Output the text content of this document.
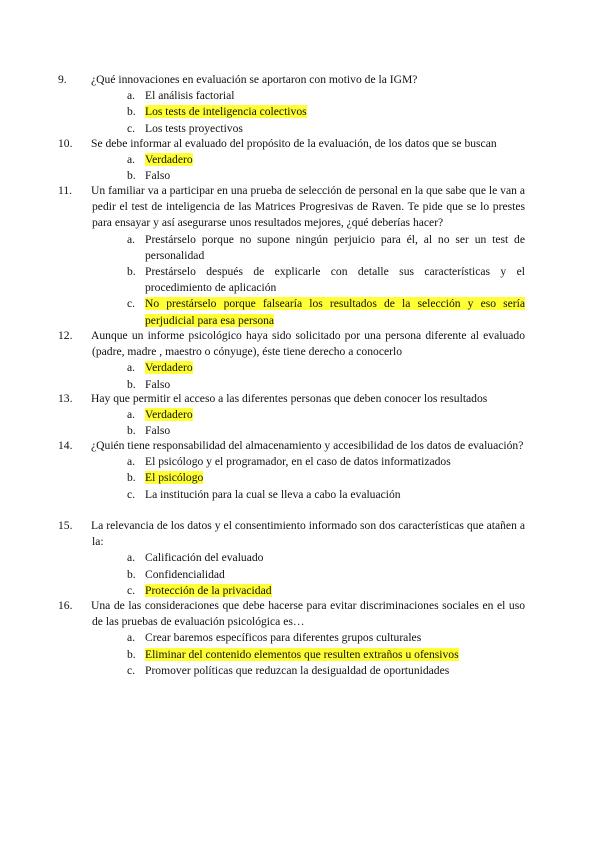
9. ¿Qué innovaciones en evaluación se aportaron con motivo de la IGM?
a. El análisis factorial
b. Los tests de inteligencia colectivos
c. Los tests proyectivos
10. Se debe informar al evaluado del propósito de la evaluación, de los datos que se buscan
a. Verdadero
b. Falso
11. Un familiar va a participar en una prueba de selección de personal en la que sabe que le van a pedir el test de inteligencia de las Matrices Progresivas de Raven. Te pide que se lo prestes para ensayar y así asegurarse unos resultados mejores, ¿qué deberías hacer?
a. Prestárselo porque no supone ningún perjuicio para él, al no ser un test de personalidad
b. Prestárselo después de explicarle con detalle sus características y el procedimiento de aplicación
c. No prestárselo porque falsearía los resultados de la selección y eso sería perjudicial para esa persona
12. Aunque un informe psicológico haya sido solicitado por una persona diferente al evaluado (padre, madre , maestro o cónyuge), éste tiene derecho a conocerlo
a. Verdadero
b. Falso
13. Hay que permitir el acceso a las diferentes personas que deben conocer los resultados
a. Verdadero
b. Falso
14. ¿Quién tiene responsabilidad del almacenamiento y accesibilidad de los datos de evaluación?
a. El psicólogo y el programador, en el caso de datos informatizados
b. El psicólogo
c. La institución para la cual se lleva a cabo la evaluación
15. La relevancia de los datos y el consentimiento informado son dos características que atañen a la:
a. Calificación del evaluado
b. Confidencialidad
c. Protección de la privacidad
16. Una de las consideraciones que debe hacerse para evitar discriminaciones sociales en el uso de las pruebas de evaluación psicológica es…
a. Crear baremos específicos para diferentes grupos culturales
b. Eliminar del contenido elementos que resulten extraños u ofensivos
c. Promover políticas que reduzcan la desigualdad de oportunidades
